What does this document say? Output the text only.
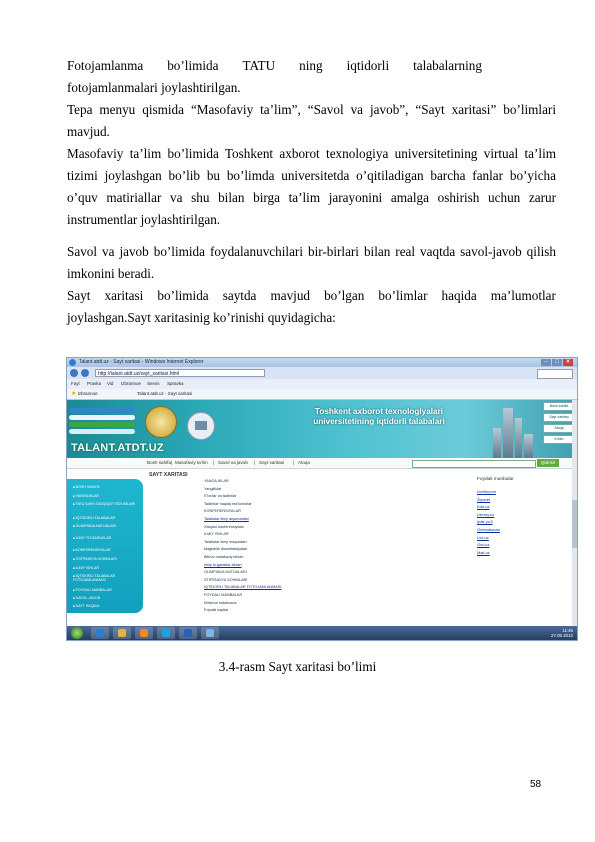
Fotojamlanma bo’limida TATU ning iqtidorli talabalarning

fotojamlanmalari joylashtirilgan.

Tepa menyu qismida “Masofaviy ta’lim”, “Savol va javob”, “Sayt xaritasi” bo’limlari mavjud.

Masofaviy ta’lim bo’limida Toshkent axborot texnologiya universitetining virtual ta’lim tizimi joylashgan bo’lib bu bo’limda universitetda o’qitiladigan barcha fanlar bo’yicha o’quv matiriallar va shu bilan birga ta’lim jarayonini amalga oshirish uchun zarur instrumentlar joylashtirilgan.

Savol va javob bo’limida foydalanuvchilari bir-birlari bilan real vaqtda savol-javob qilish imkonini beradi.

Sayt xaritasi bo’limida saytda mavjud bo’lgan bo’limlar haqida ma’lumotlar

joylashgan.Sayt xaritasinig ko’rinishi quyidagicha:

Talant.atdt.uz - Sayt xaritasi - Windows Internet Explorer	–	□	✕
http://talant.atdt.uz/sayt_xaritasi.html
Fayl Pravka Vid Izbrannoe Servis Spravka
★ Izbrannoe	Talant.atdt.uz - Sayt xaritasi
TALANT.ATDT.UZ
Toshkent axborot texnologiyalari
universitetining iqtidorli talabalari
Bosh sahifa
Sayt xaritasi
Aloqa
Kirish
Bosh sahifa | Masofaviy ta’lim | Savol va javob | Sayt xaritasi | Aloqa	Qidirish
■ BOSH SAHIFA
■ YANGILIKLAR
■ TATU ILMIY-TADQIQOT BO’LIMLARI
■ IQTIDORLI TALABALAR
■ OLIMPIADA NATIJALARI
■ ILMIY TO’GARAKLAR
■ KONFERENSIYALAR
■ STIPENDIYA SOHIBLARI
■ ILMIY ISHLAR
■ IQTIDORLI TALABALAR FOTOJAMLANMASI
■ FOYDALI MANBALAR
■ SAVOL-JAVOB
■ SAYT HAQIDA
SAYT XARITASI
YANGILIKLAR
Yangiliklar
E’lonlar va tadbirlar
Tadbirlar haqida ma’lumotlar
KONFERENSIYALAR
Talabalar ilmiy anjumanlari
Xalqaro konferensiyalar
ILMIY ISHLAR
Talabalar ilmiy maqolalari
Magistrlik dissertatsiyalari
Bitiruv malakaviy ishlari
Ilmiy to’garaklar ishlari
OLIMPIADA NATIJALARI
STIPENDIYA SOHIBLARI
IQTIDORLI TALABALAR FOTOJAMLANMASI
FOYDALI MANBALAR
Elektron kutubxona
Foydali saytlar
Foydali manbalar
Uzinfocom
Ziyonet
Edu.uz
Library.uz
Ipak yo’li
Ombudsman
Lex.uz
Gov.uz
Mail.uz
11:45
27.05.2012

3.4-rasm Sayt xaritasi bo’limi

58
